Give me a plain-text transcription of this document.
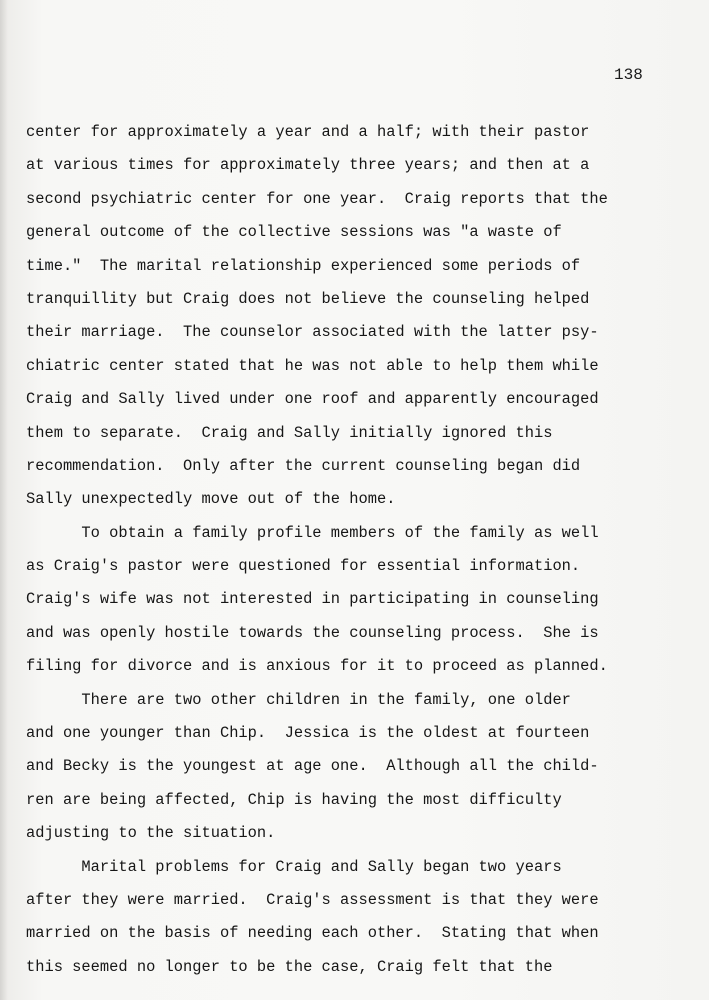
138

center for approximately a year and a half; with their pastor
at various times for approximately three years; and then at a
second psychiatric center for one year.  Craig reports that the
general outcome of the collective sessions was "a waste of
time."  The marital relationship experienced some periods of
tranquillity but Craig does not believe the counseling helped
their marriage.  The counselor associated with the latter psy-
chiatric center stated that he was not able to help them while
Craig and Sally lived under one roof and apparently encouraged
them to separate.  Craig and Sally initially ignored this
recommendation.  Only after the current counseling began did
Sally unexpectedly move out of the home.
To obtain a family profile members of the family as well
as Craig's pastor were questioned for essential information.
Craig's wife was not interested in participating in counseling
and was openly hostile towards the counseling process.  She is
filing for divorce and is anxious for it to proceed as planned.
There are two other children in the family, one older
and one younger than Chip.  Jessica is the oldest at fourteen
and Becky is the youngest at age one.  Although all the child-
ren are being affected, Chip is having the most difficulty
adjusting to the situation.
Marital problems for Craig and Sally began two years
after they were married.  Craig's assessment is that they were
married on the basis of needing each other.  Stating that when
this seemed no longer to be the case, Craig felt that the
